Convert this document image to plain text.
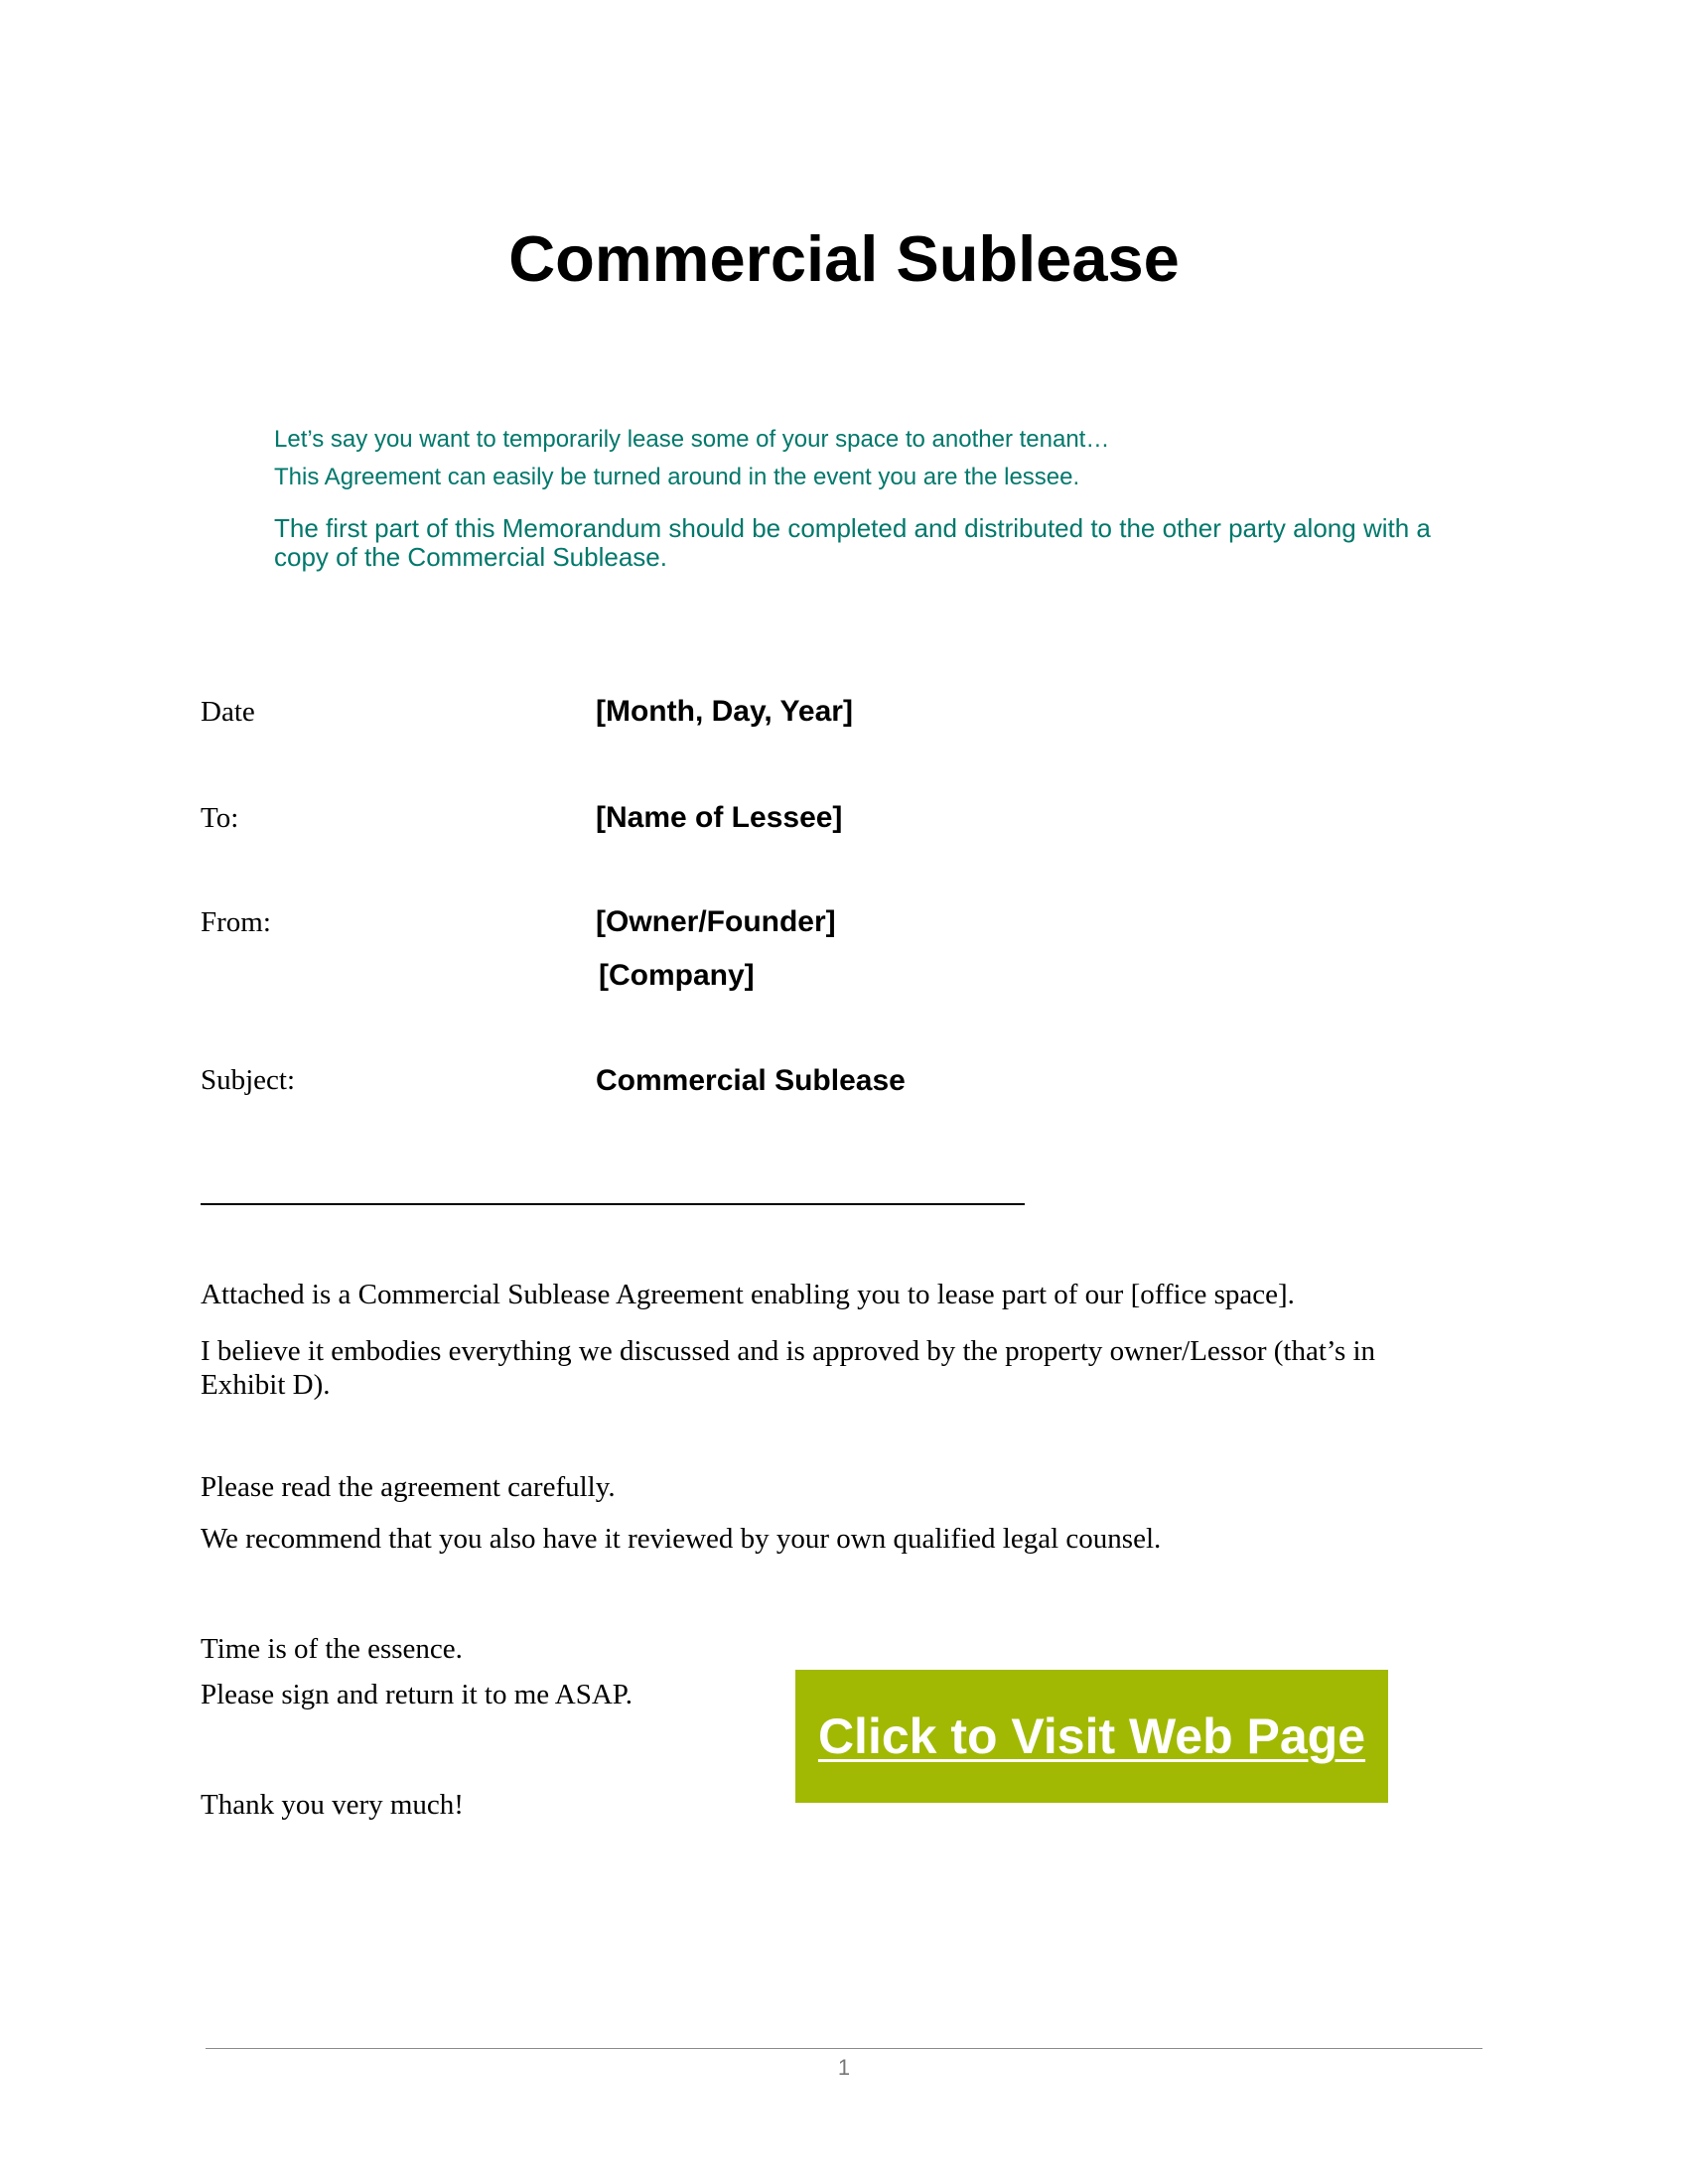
Commercial Sublease

Let’s say you want to temporarily lease some of your space to another tenant…

This Agreement can easily be turned around in the event you are the lessee.

The first part of this Memorandum should be completed and distributed to the other party along with a copy of the Commercial Sublease.

Date	[Month, Day, Year]

To:	[Name of Lessee]

From:	[Owner/Founder]

[Company]

Subject:	Commercial Sublease

Attached is a Commercial Sublease Agreement enabling you to lease part of our [office space].

I believe it embodies everything we discussed and is approved by the property owner/Lessor (that’s in Exhibit D).

Please read the agreement carefully.

We recommend that you also have it reviewed by your own qualified legal counsel.

Time is of the essence.

Please sign and return it to me ASAP.

Thank you very much!

Click to Visit Web Page

1
